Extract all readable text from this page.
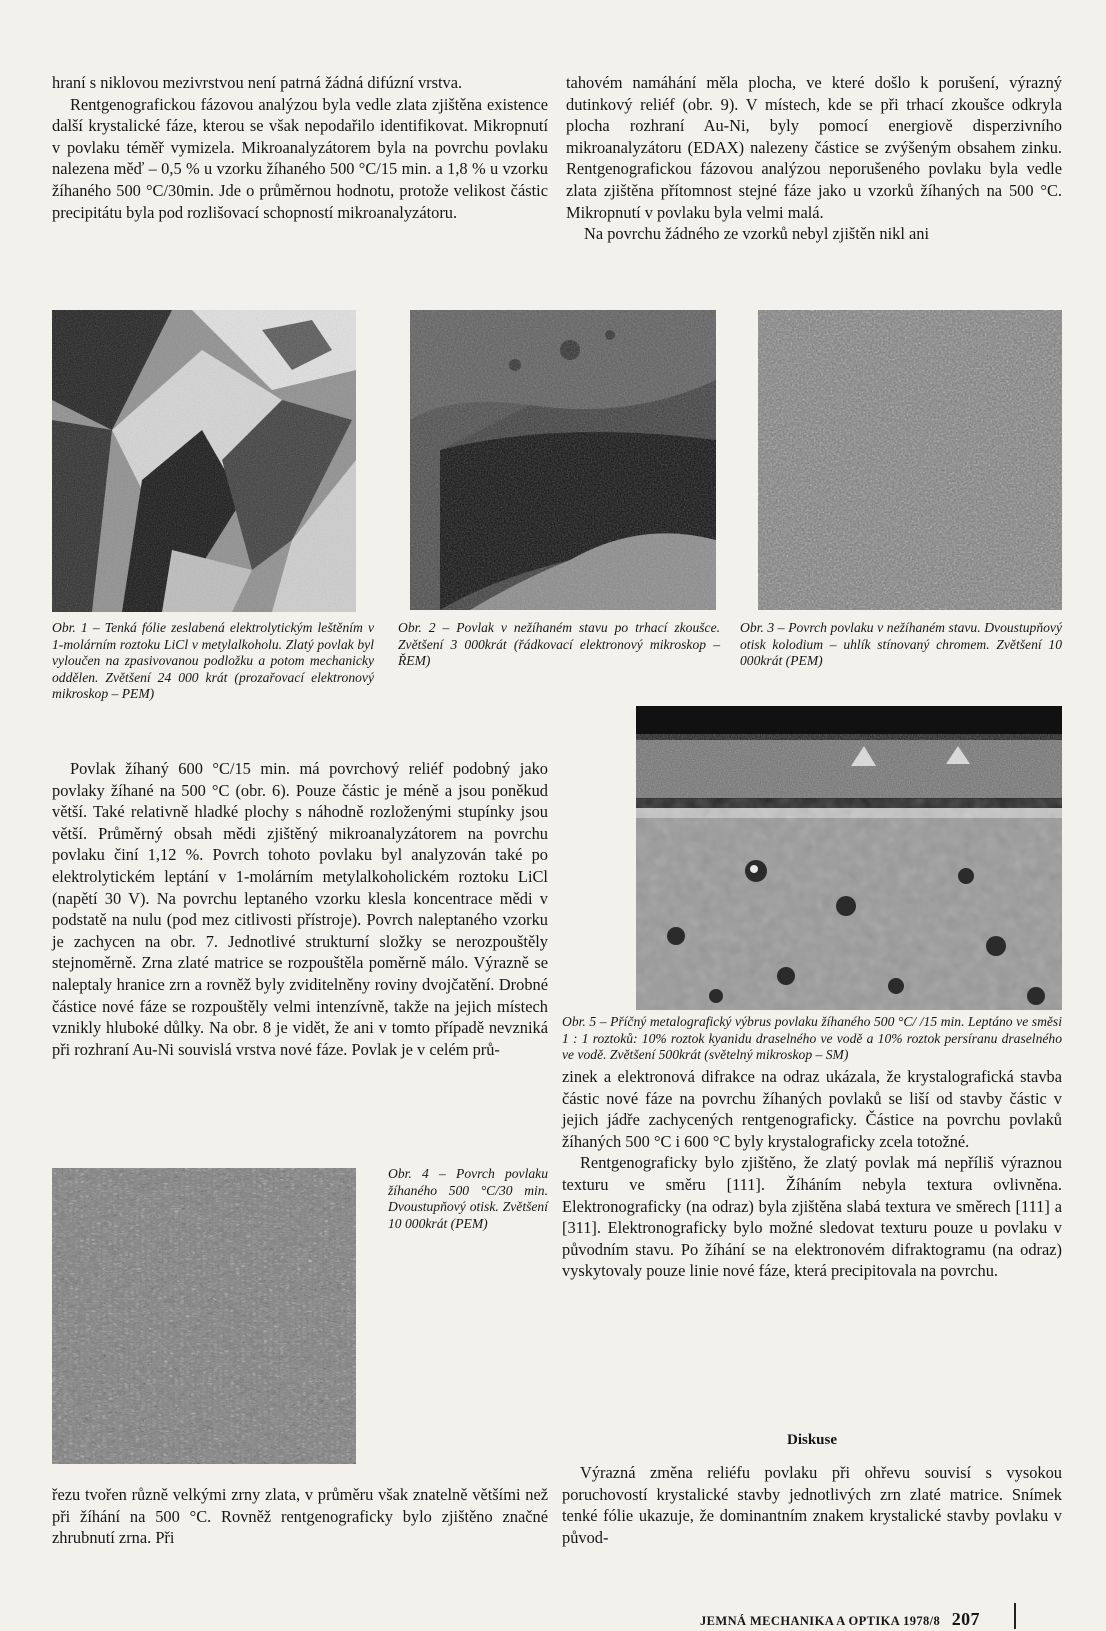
hraní s niklovou mezivrstvou není patrná žádná difúzní vrstva.

Rentgenografickou fázovou analýzou byla vedle zlata zjištěna existence další krystalické fáze, kterou se však nepodařilo identifikovat. Mikropnutí v povlaku téměř vymizela. Mikroanalyzátorem byla na povrchu povlaku nalezena měď – 0,5 % u vzorku žíhaného 500 °C/15 min. a 1,8 % u vzorku žíhaného 500 °C/30min. Jde o průměrnou hodnotu, protože velikost částic precipitátu byla pod rozlišovací schopností mikroanalyzátoru.

tahovém namáhání měla plocha, ve které došlo k porušení, výrazný dutinkový reliéf (obr. 9). V místech, kde se při trhací zkoušce odkryla plocha rozhraní Au-Ni, byly pomocí energiově disperzivního mikroanalyzátoru (EDAX) nalezeny částice se zvýšeným obsahem zinku. Rentgenografickou fázovou analýzou neporušeného povlaku byla vedle zlata zjištěna přítomnost stejné fáze jako u vzorků žíhaných na 500 °C. Mikropnutí v povlaku byla velmi malá.

Na povrchu žádného ze vzorků nebyl zjištěn nikl ani

Obr. 1 – Tenká fólie zeslabená elektrolytickým leštěním v 1-molárním roztoku LiCl v metylalkoholu. Zlatý povlak byl vyloučen na zpasivovanou podložku a potom mechanicky oddělen. Zvětšení 24 000 krát (prozařovací elektronový mikroskop – PEM)
Obr. 2 – Povlak v nežíhaném stavu po trhací zkoušce. Zvětšení 3 000krát (řádkovací elektronový mikroskop – ŘEM)
Obr. 3 – Povrch povlaku v nežíhaném stavu. Dvoustupňový otisk kolodium – uhlík stínovaný chromem. Zvětšení 10 000krát (PEM)

Povlak žíhaný 600 °C/15 min. má povrchový reliéf podobný jako povlaky žíhané na 500 °C (obr. 6). Pouze částic je méně a jsou poněkud větší. Také relativně hladké plochy s náhodně rozloženými stupínky jsou větší. Průměrný obsah mědi zjištěný mikroanalyzátorem na povrchu povlaku činí 1,12 %. Povrch tohoto povlaku byl analyzován také po elektrolytickém leptání v 1-molárním metylalkoholickém roztoku LiCl (napětí 30 V). Na povrchu leptaného vzorku klesla koncentrace mědi v podstatě na nulu (pod mez citlivosti přístroje). Povrch naleptaného vzorku je zachycen na obr. 7. Jednotlivé strukturní složky se nerozpouštěly stejnoměrně. Zrna zlaté matrice se rozpouštěla poměrně málo. Výrazně se naleptaly hranice zrn a rovněž byly zviditelněny roviny dvojčatění. Drobné částice nové fáze se rozpouštěly velmi intenzívně, takže na jejich místech vznikly hluboké důlky. Na obr. 8 je vidět, že ani v tomto případě nevzniká při rozhraní Au-Ni souvislá vrstva nové fáze. Povlak je v celém prů-

Obr. 5 – Příčný metalografický výbrus povlaku žíhaného 500 °C/ /15 min. Leptáno ve směsi 1 : 1 roztoků: 10% roztok kyanidu draselného ve vodě a 10% roztok persíranu draselného ve vodě. Zvětšení 500krát (světelný mikroskop – SM)
Obr. 4 – Povrch povlaku žíhaného 500 °C/30 min. Dvoustupňový otisk. Zvětšení 10 000krát (PEM)

řezu tvořen různě velkými zrny zlata, v průměru však znatelně většími než při žíhání na 500 °C. Rovněž rentgenograficky bylo zjištěno značné zhrubnutí zrna. Při

zinek a elektronová difrakce na odraz ukázala, že krystalografická stavba částic nové fáze na povrchu žíhaných povlaků se liší od stavby částic v jejich jádře zachycených rentgenograficky. Částice na povrchu povlaků žíhaných 500 °C i 600 °C byly krystalograficky zcela totožné.

Rentgenograficky bylo zjištěno, že zlatý povlak má nepříliš výraznou texturu ve směru [111]. Žíháním nebyla textura ovlivněna. Elektronograficky (na odraz) byla zjištěna slabá textura ve směrech [111] a [311]. Elektronograficky bylo možné sledovat texturu pouze u povlaku v původním stavu. Po žíhání se na elektronovém difraktogramu (na odraz) vyskytovaly pouze linie nové fáze, která precipitovala na povrchu.

Diskuse

Výrazná změna reliéfu povlaku při ohřevu souvisí s vysokou poruchovostí krystalické stavby jednotlivých zrn zlaté matrice. Snímek tenké fólie ukazuje, že dominantním znakem krystalické stavby povlaku v původ-

JEMNÁ MECHANIKA A OPTIKA 1978/8 207
